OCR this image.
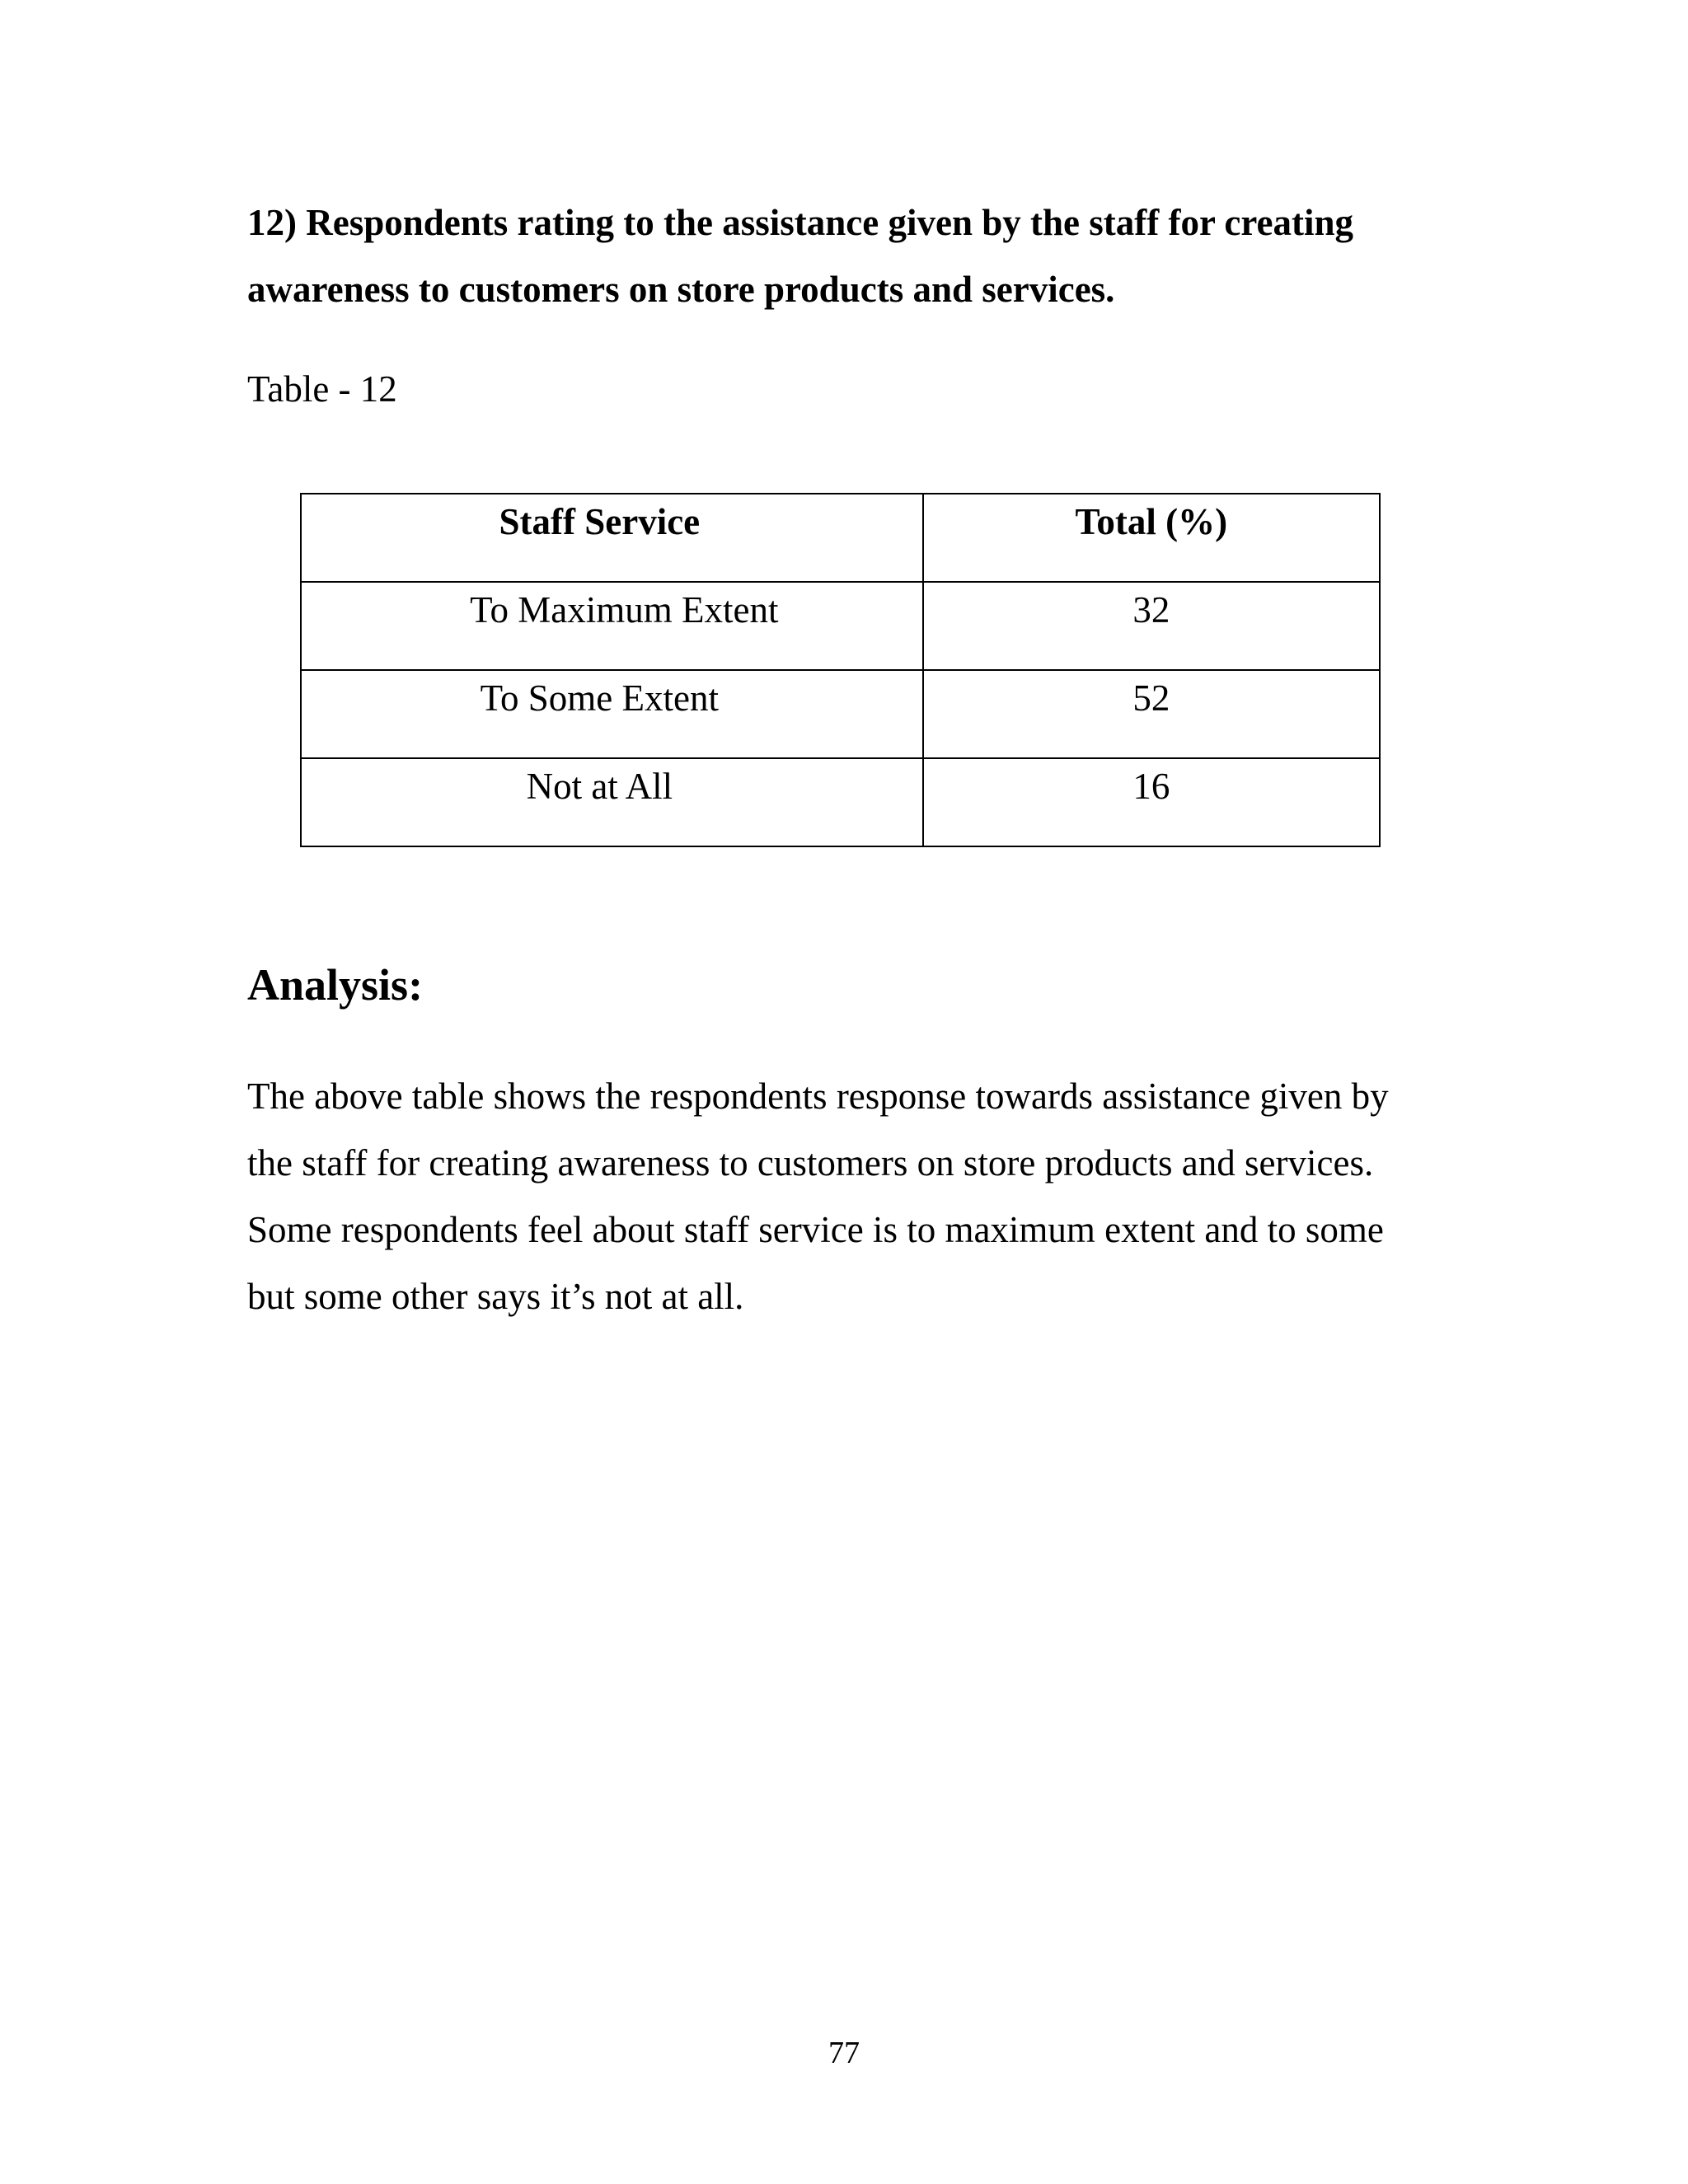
12) Respondents rating to the assistance given by the staff for creating
awareness to customers on store products and services.

Table - 12

Staff Service	Total (%)
To Maximum Extent	32
To Some Extent	52
Not at All	16
Analysis:

The above table shows the respondents response towards assistance given by
the staff for creating awareness to customers on store products and services.
Some respondents feel about staff service is to maximum extent and to some
but some other says it’s not at all.

77
